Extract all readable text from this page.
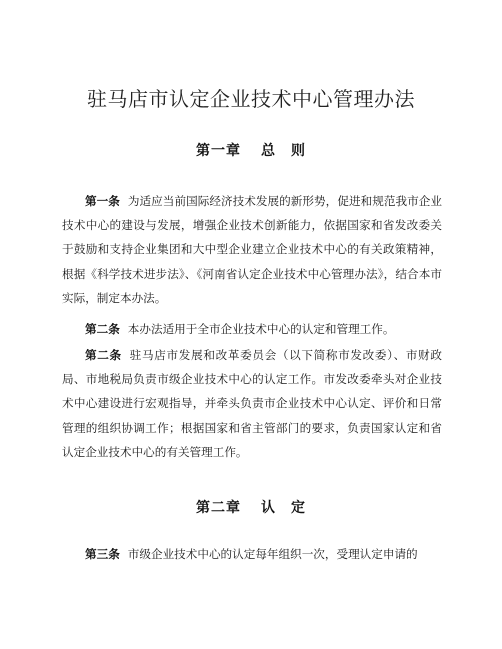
驻马店市认定企业技术中心管理办法
第一章 总　则

第一条 为适应当前国际经济技术发展的新形势，促进和规范我市企业技术中心的建设与发展，增强企业技术创新能力，依据国家和省发改委关于鼓励和支持企业集团和大中型企业建立企业技术中心的有关政策精神，根据《科学技术进步法》、《河南省认定企业技术中心管理办法》，结合本市实际，制定本办法。

第二条 本办法适用于全市企业技术中心的认定和管理工作。

第二条 驻马店市发展和改革委员会（以下简称市发改委）、市财政局、市地税局负责市级企业技术中心的认定工作。市发改委牵头对企业技术中心建设进行宏观指导，并牵头负责市企业技术中心认定、评价和日常管理的组织协调工作；根据国家和省主管部门的要求，负责国家认定和省认定企业技术中心的有关管理工作。

第二章 认　定

第三条 市级企业技术中心的认定每年组织一次，受理认定申请的
